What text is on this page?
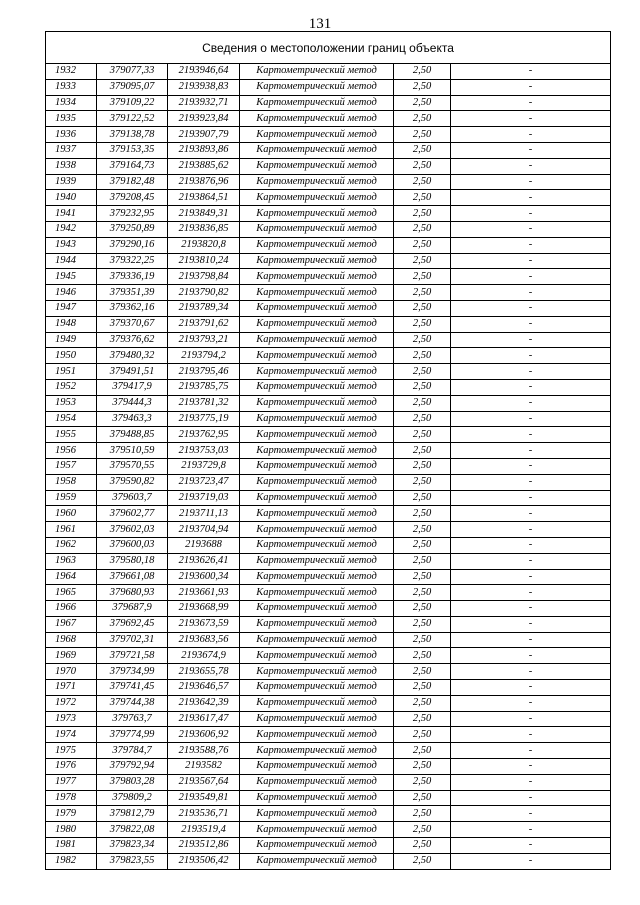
131
Сведения о местоположении границ объекта					
1932	379077,33	2193946,64	Картометрический метод	2,50	-
1933	379095,07	2193938,83	Картометрический метод	2,50	-
1934	379109,22	2193932,71	Картометрический метод	2,50	-
1935	379122,52	2193923,84	Картометрический метод	2,50	-
1936	379138,78	2193907,79	Картометрический метод	2,50	-
1937	379153,35	2193893,86	Картометрический метод	2,50	-
1938	379164,73	2193885,62	Картометрический метод	2,50	-
1939	379182,48	2193876,96	Картометрический метод	2,50	-
1940	379208,45	2193864,51	Картометрический метод	2,50	-
1941	379232,95	2193849,31	Картометрический метод	2,50	-
1942	379250,89	2193836,85	Картометрический метод	2,50	-
1943	379290,16	2193820,8	Картометрический метод	2,50	-
1944	379322,25	2193810,24	Картометрический метод	2,50	-
1945	379336,19	2193798,84	Картометрический метод	2,50	-
1946	379351,39	2193790,82	Картометрический метод	2,50	-
1947	379362,16	2193789,34	Картометрический метод	2,50	-
1948	379370,67	2193791,62	Картометрический метод	2,50	-
1949	379376,62	2193793,21	Картометрический метод	2,50	-
1950	379480,32	2193794,2	Картометрический метод	2,50	-
1951	379491,51	2193795,46	Картометрический метод	2,50	-
1952	379417,9	2193785,75	Картометрический метод	2,50	-
1953	379444,3	2193781,32	Картометрический метод	2,50	-
1954	379463,3	2193775,19	Картометрический метод	2,50	-
1955	379488,85	2193762,95	Картометрический метод	2,50	-
1956	379510,59	2193753,03	Картометрический метод	2,50	-
1957	379570,55	2193729,8	Картометрический метод	2,50	-
1958	379590,82	2193723,47	Картометрический метод	2,50	-
1959	379603,7	2193719,03	Картометрический метод	2,50	-
1960	379602,77	2193711,13	Картометрический метод	2,50	-
1961	379602,03	2193704,94	Картометрический метод	2,50	-
1962	379600,03	2193688	Картометрический метод	2,50	-
1963	379580,18	2193626,41	Картометрический метод	2,50	-
1964	379661,08	2193600,34	Картометрический метод	2,50	-
1965	379680,93	2193661,93	Картометрический метод	2,50	-
1966	379687,9	2193668,99	Картометрический метод	2,50	-
1967	379692,45	2193673,59	Картометрический метод	2,50	-
1968	379702,31	2193683,56	Картометрический метод	2,50	-
1969	379721,58	2193674,9	Картометрический метод	2,50	-
1970	379734,99	2193655,78	Картометрический метод	2,50	-
1971	379741,45	2193646,57	Картометрический метод	2,50	-
1972	379744,38	2193642,39	Картометрический метод	2,50	-
1973	379763,7	2193617,47	Картометрический метод	2,50	-
1974	379774,99	2193606,92	Картометрический метод	2,50	-
1975	379784,7	2193588,76	Картометрический метод	2,50	-
1976	379792,94	2193582	Картометрический метод	2,50	-
1977	379803,28	2193567,64	Картометрический метод	2,50	-
1978	379809,2	2193549,81	Картометрический метод	2,50	-
1979	379812,79	2193536,71	Картометрический метод	2,50	-
1980	379822,08	2193519,4	Картометрический метод	2,50	-
1981	379823,34	2193512,86	Картометрический метод	2,50	-
1982	379823,55	2193506,42	Картометрический метод	2,50	-
